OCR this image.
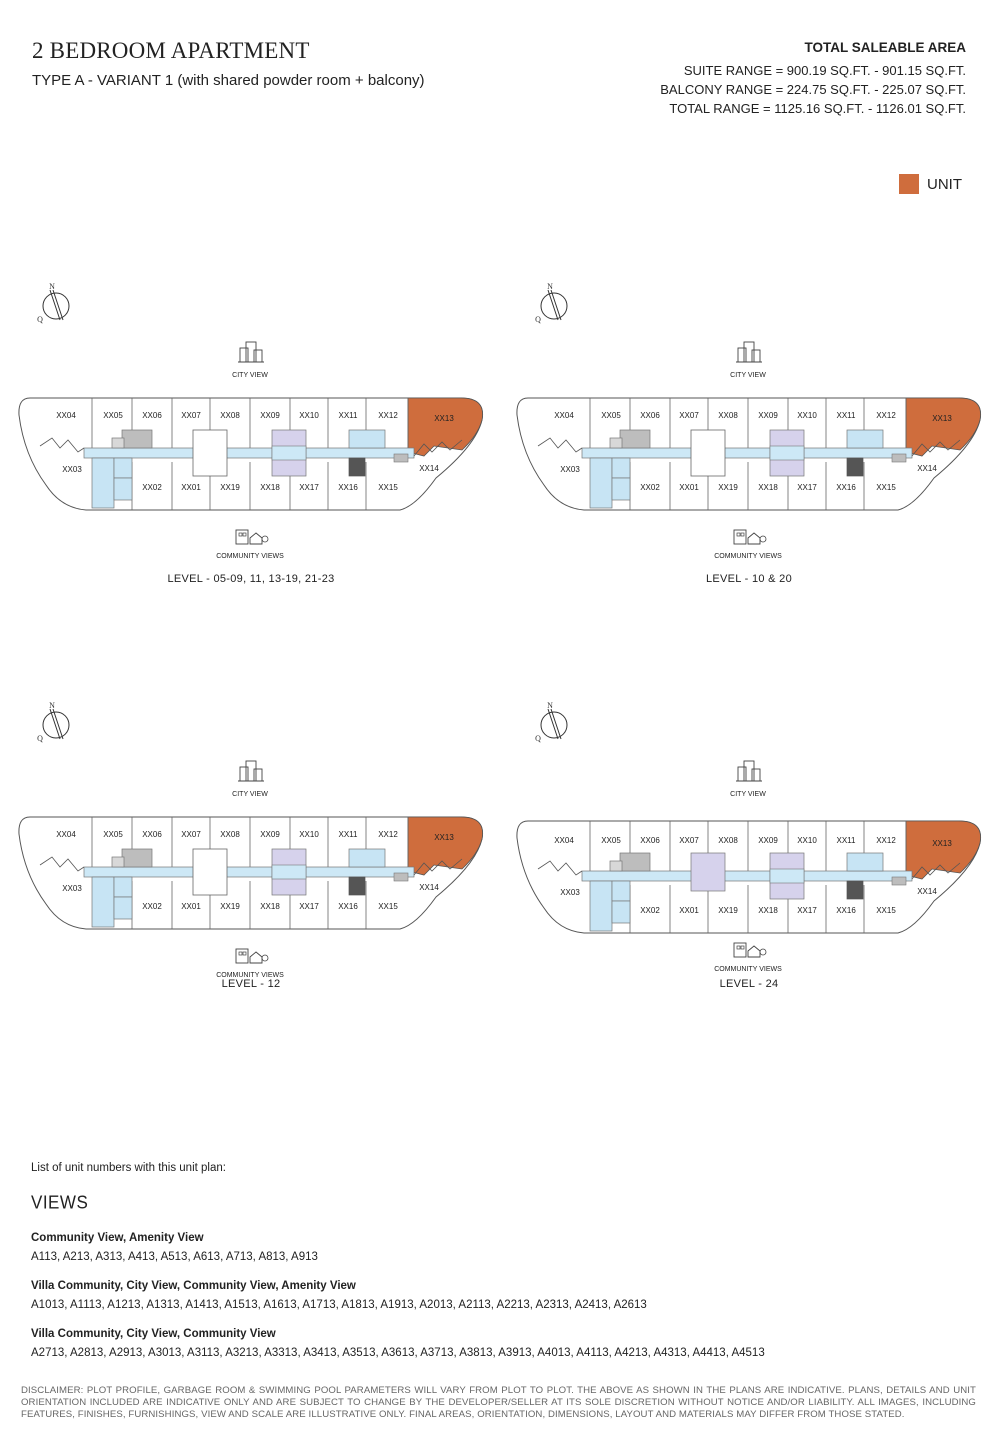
2 BEDROOM APARTMENT
TYPE A - VARIANT 1 (with shared powder room + balcony)
TOTAL SALEABLE AREA
SUITE RANGE = 900.19 SQ.FT. - 901.15 SQ.FT.
BALCONY RANGE = 224.75 SQ.FT. - 225.07 SQ.FT.
TOTAL RANGE = 1125.16 SQ.FT. - 1126.01 SQ.FT.
UNIT
N
Q
CITY VIEW
XX04	XX05 XX06 XX07 XX08	XX09 XX10 XX11	XX12	XX13
XX03
XX02 XX01 XX19	XX18 XX17 XX16	XX15
XX14
COMMUNITY VIEWS
LEVEL - 05-09, 11, 13-19, 21-23
N
Q
CITY VIEW
XX04	XX05 XX06 XX07 XX08	XX09 XX10 XX11	XX12	XX13
XX03
XX02 XX01 XX19	XX18 XX17 XX16	XX15
XX14
COMMUNITY VIEWS
LEVEL - 10 & 20
N
Q
CITY VIEW
XX04	XX05 XX06 XX07 XX08	XX09 XX10 XX11	XX12	XX13
XX03
XX02 XX01 XX19	XX18 XX17 XX16	XX15
XX14
COMMUNITY VIEWS
LEVEL - 12
N
Q
CITY VIEW
XX04	XX05 XX06 XX07 XX08	XX09 XX10 XX11	XX12	XX13
XX03
XX02 XX01 XX19	XX18 XX17 XX16	XX15
XX14
COMMUNITY VIEWS
LEVEL - 24
List of unit numbers with this unit plan:
VIEWS
Community View, Amenity View
A113, A213, A313, A413, A513, A613, A713, A813, A913
Villa Community, City View, Community View, Amenity View
A1013, A1113, A1213, A1313, A1413, A1513, A1613, A1713, A1813, A1913, A2013, A2113, A2213, A2313, A2413, A2613
Villa Community, City View, Community View
A2713, A2813, A2913, A3013, A3113, A3213, A3313, A3413, A3513, A3613, A3713, A3813, A3913, A4013, A4113, A4213, A4313, A4413, A4513
DISCLAIMER: PLOT PROFILE, GARBAGE ROOM & SWIMMING POOL PARAMETERS WILL VARY FROM PLOT TO PLOT. THE ABOVE AS SHOWN IN THE PLANS ARE INDICATIVE. PLANS, DETAILS AND UNIT ORIENTATION INCLUDED ARE INDICATIVE ONLY AND ARE SUBJECT TO CHANGE BY THE DEVELOPER/SELLER AT ITS SOLE DISCRETION WITHOUT NOTICE AND/OR LIABILITY. ALL IMAGES, INCLUDING FEATURES, FINISHES, FURNISHINGS, VIEW AND SCALE ARE ILLUSTRATIVE ONLY. FINAL AREAS, ORIENTATION, DIMENSIONS, LAYOUT AND MATERIALS MAY DIFFER FROM THOSE STATED.
